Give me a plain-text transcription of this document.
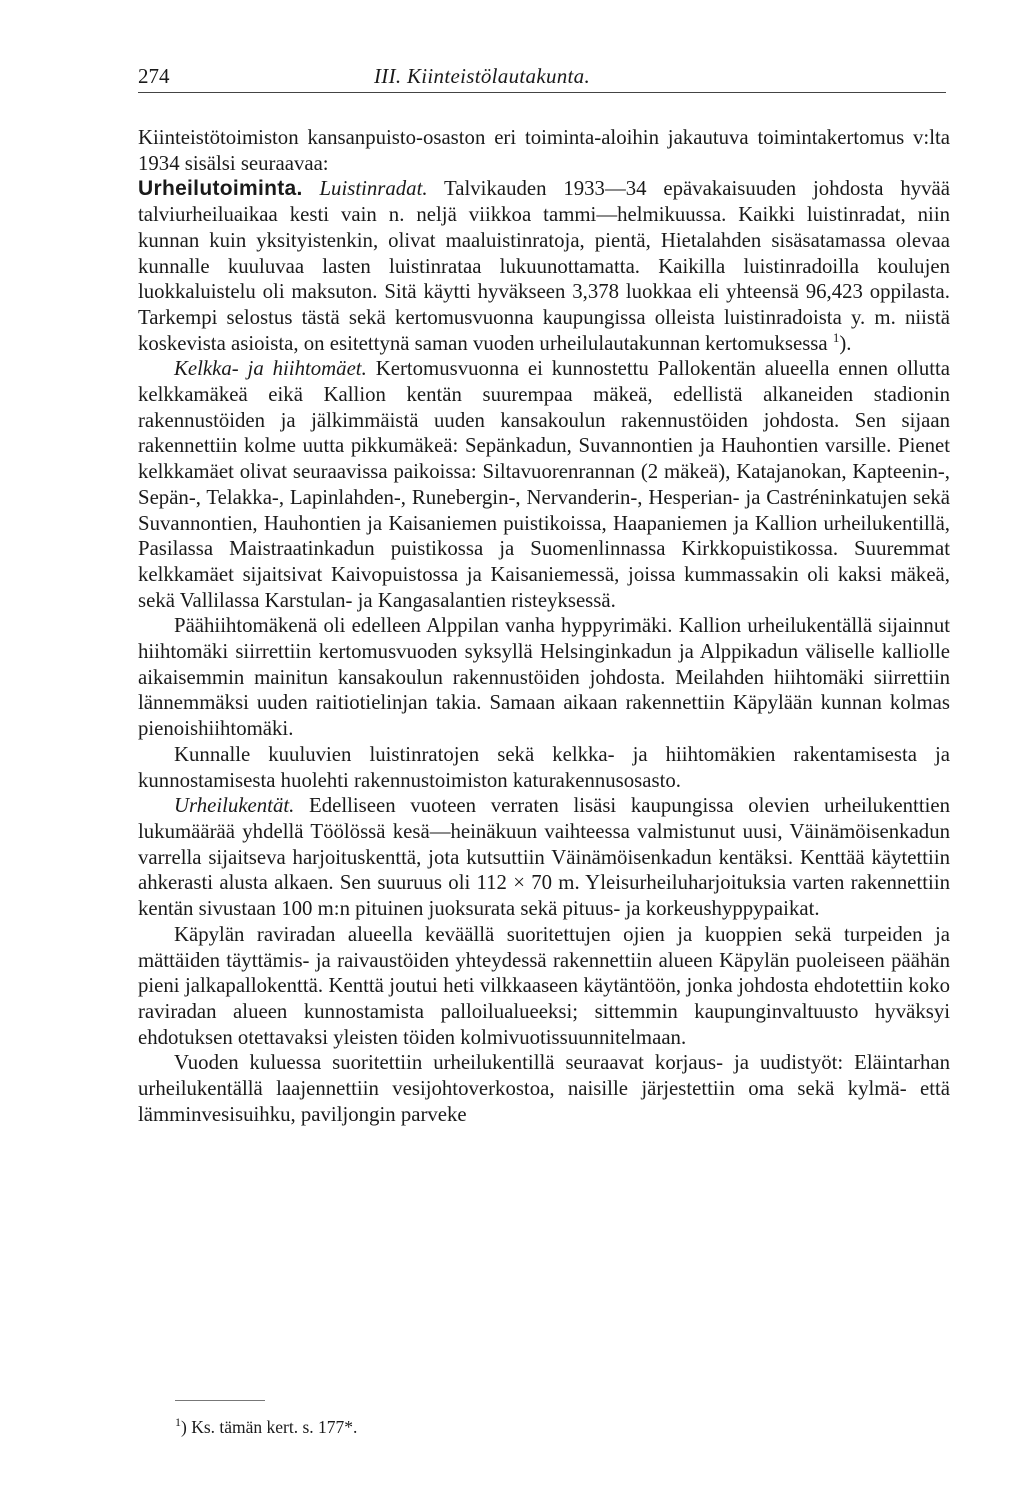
274	III. Kiinteistölautakunta.

Kiinteistötoimiston kansanpuisto-osaston eri toiminta-aloihin jakautuva toimintakertomus v:lta 1934 sisälsi seuraavaa:

Urheilutoiminta. Luistinradat. Talvikauden 1933—34 epävakaisuuden johdosta hyvää talviurheiluaikaa kesti vain n. neljä viikkoa tammi—helmikuussa. Kaikki luistinradat, niin kunnan kuin yksityistenkin, olivat maaluistinratoja, pientä, Hietalahden sisäsatamassa olevaa kunnalle kuuluvaa lasten luistinrataa lukuunottamatta. Kaikilla luistinradoilla koulujen luokkaluistelu oli maksuton. Sitä käytti hyväkseen 3,378 luokkaa eli yhteensä 96,423 oppilasta. Tarkempi selostus tästä sekä kertomusvuonna kaupungissa olleista luistinradoista y. m. niistä koskevista asioista, on esitettynä saman vuoden urheilulautakunnan kertomuksessa $^1$).

Kelkka- ja hiihtomäet. Kertomusvuonna ei kunnostettu Pallokentän alueella ennen ollutta kelkkamäkeä eikä Kallion kentän suurempaa mäkeä, edellistä alkaneiden stadionin rakennustöiden ja jälkimmäistä uuden kansakoulun rakennustöiden johdosta. Sen sijaan rakennettiin kolme uutta pikkumäkeä: Sepänkadun, Suvannontien ja Hauhontien varsille. Pienet kelkkamäet olivat seuraavissa paikoissa: Siltavuorenrannan (2 mäkeä), Katajanokan, Kapteenin-, Sepän-, Telakka-, Lapinlahden-, Runebergin-, Nervanderin-, Hesperian- ja Castréninkatujen sekä Suvannontien, Hauhontien ja Kaisaniemen puistikoissa, Haapaniemen ja Kallion urheilukentillä, Pasilassa Maistraatinkadun puistikossa ja Suomenlinnassa Kirkkopuistikossa. Suuremmat kelkkamäet sijaitsivat Kaivopuistossa ja Kaisaniemessä, joissa kummassakin oli kaksi mäkeä, sekä Vallilassa Karstulan- ja Kangasalantien risteyksessä.

Päähiihtomäkenä oli edelleen Alppilan vanha hyppyrimäki. Kallion urheilukentällä sijainnut hiihtomäki siirrettiin kertomusvuoden syksyllä Helsinginkadun ja Alppikadun väliselle kalliolle aikaisemmin mainitun kansakoulun rakennustöiden johdosta. Meilahden hiihtomäki siirrettiin lännemmäksi uuden raitiotielinjan takia. Samaan aikaan rakennettiin Käpylään kunnan kolmas pienoishiihtomäki.

Kunnalle kuuluvien luistinratojen sekä kelkka- ja hiihtomäkien rakentamisesta ja kunnostamisesta huolehti rakennustoimiston katurakennusosasto.

Urheilukentät. Edelliseen vuoteen verraten lisäsi kaupungissa olevien urheilukenttien lukumäärää yhdellä Töölössä kesä—heinäkuun vaihteessa valmistunut uusi, Väinämöisenkadun varrella sijaitseva harjoituskenttä, jota kutsuttiin Väinämöisenkadun kentäksi. Kenttää käytettiin ahkerasti alusta alkaen. Sen suuruus oli 112 × 70 m. Yleisurheiluharjoituksia varten rakennettiin kentän sivustaan 100 m:n pituinen juoksurata sekä pituus- ja korkeushyppypaikat.

Käpylän raviradan alueella keväällä suoritettujen ojien ja kuoppien sekä turpeiden ja mättäiden täyttämis- ja raivaustöiden yhteydessä rakennettiin alueen Käpylän puoleiseen päähän pieni jalkapallokenttä. Kenttä joutui heti vilkkaaseen käytäntöön, jonka johdosta ehdotettiin koko raviradan alueen kunnostamista palloilualueeksi; sittemmin kaupunginvaltuusto hyväksyi ehdotuksen otettavaksi yleisten töiden kolmivuotissuunnitelmaan.

Vuoden kuluessa suoritettiin urheilukentillä seuraavat korjaus- ja uudistyöt: Eläintarhan urheilukentällä laajennettiin vesijohtoverkostoa, naisille järjestettiin oma sekä kylmä- että lämminvesisuihku, paviljongin parveke

$^1$) Ks. tämän kert. s. 177*.
